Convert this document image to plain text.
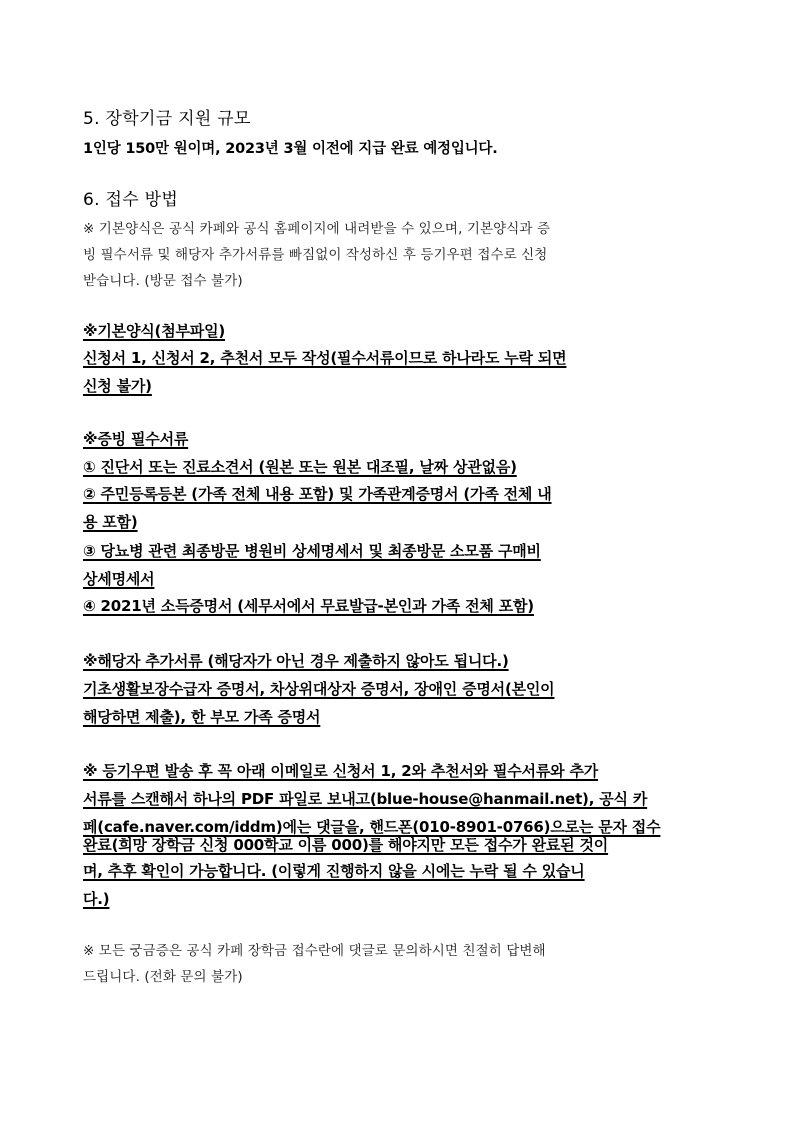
5. 장학기금 지원 규모
1인당 150만 원이며, 2023년 3월 이전에 지급 완료 예정입니다.
6. 접수 방법
※ 기본양식은 공식 카페와 공식 홈페이지에 내려받을 수 있으며, 기본양식과 증
빙 필수서류 및 해당자 추가서류를 빠짐없이 작성하신 후 등기우편 접수로 신청
받습니다. (방문 접수 불가)
※기본양식(첨부파일)
신청서 1, 신청서 2, 추천서 모두 작성(필수서류이므로 하나라도 누락 되면
신청 불가)
※증빙 필수서류
① 진단서 또는 진료소견서 (원본 또는 원본 대조필, 날짜 상관없음)
② 주민등록등본 (가족 전체 내용 포함) 및 가족관계증명서 (가족 전체 내
용 포함)
③ 당뇨병 관련 최종방문 병원비 상세명세서 및 최종방문 소모품 구매비
상세명세서
④ 2021년 소득증명서 (세무서에서 무료발급-본인과 가족 전체 포함)
※해당자 추가서류 (해당자가 아닌 경우 제출하지 않아도 됩니다.)
기초생활보장수급자 증명서, 차상위대상자 증명서, 장애인 증명서(본인이
해당하면 제출), 한 부모 가족 증명서
※ 등기우편 발송 후 꼭 아래 이메일로 신청서 1, 2와 추천서와 필수서류와 추가
서류를 스캔해서 하나의 PDF 파일로 보내고(blue-house@hanmail.net), 공식 카
페(cafe.naver.com/iddm)에는 댓글을, 핸드폰(010-8901-0766)으로는 문자 접수
완료(희망 장학금 신청 000학교 이름 000)를 해야지만 모든 접수가 완료된 것이
며, 추후 확인이 가능합니다. (이렇게 진행하지 않을 시에는 누락 될 수 있습니
다.)
※ 모든 궁금증은 공식 카페 장학금 접수란에 댓글로 문의하시면 친절히 답변해
드립니다. (전화 문의 불가)
